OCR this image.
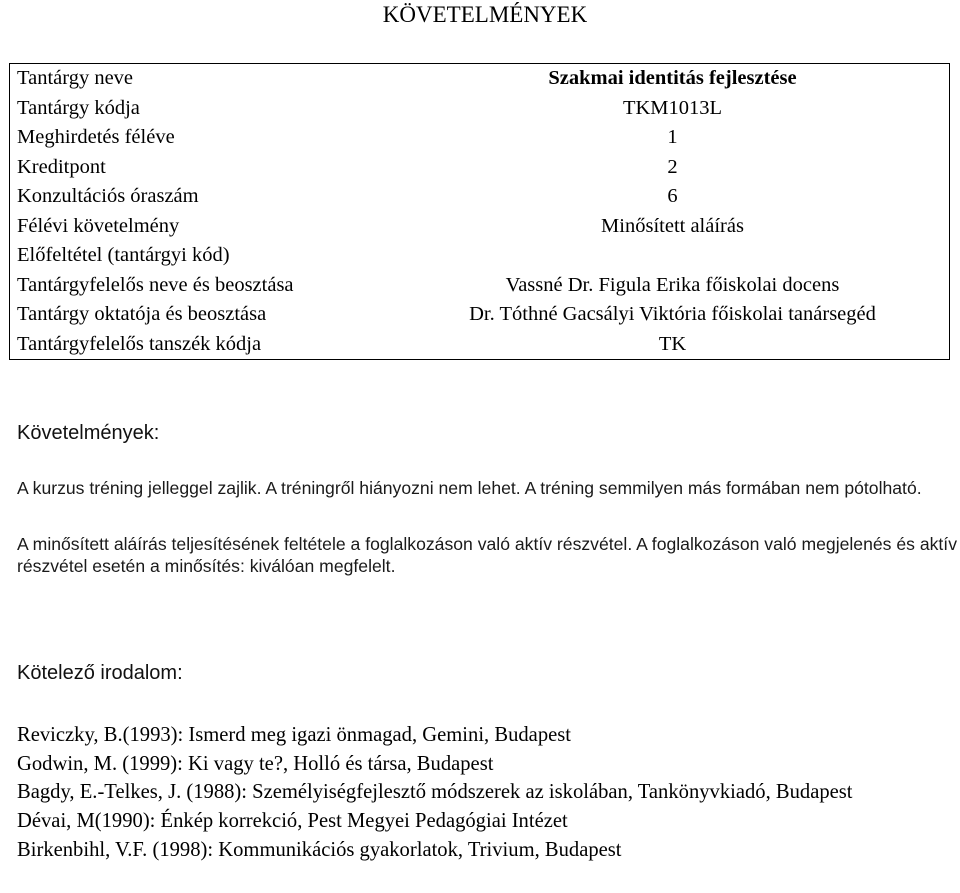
KÖVETELMÉNYEK
Tantárgy neve	Szakmai identitás fejlesztése
Tantárgy kódja	TKM1013L
Meghirdetés féléve	1
Kreditpont	2
Konzultációs óraszám	6
Félévi követelmény	Minősített aláírás
Előfeltétel (tantárgyi kód)	
Tantárgyfelelős neve és beosztása	Vassné Dr. Figula Erika főiskolai docens
Tantárgy oktatója és beosztása	Dr. Tóthné Gacsályi Viktória főiskolai tanársegéd
Tantárgyfelelős tanszék kódja	TK
Követelmények:

A kurzus tréning jelleggel zajlik. A tréningről hiányozni nem lehet. A tréning semmilyen más formában nem pótolható.

A minősített aláírás teljesítésének feltétele a foglalkozáson való aktív részvétel. A foglalkozáson való megjelenés és aktív részvétel esetén a minősítés: kiválóan megfelelt.

Kötelező irodalom:
Reviczky, B.(1993): Ismerd meg igazi önmagad, Gemini, Budapest
Godwin, M. (1999): Ki vagy te?, Holló és társa, Budapest
Bagdy, E.-Telkes, J. (1988): Személyiségfejlesztő módszerek az iskolában, Tankönyvkiadó, Budapest
Dévai, M(1990): Énkép korrekció, Pest Megyei Pedagógiai Intézet
Birkenbihl, V.F. (1998): Kommunikációs gyakorlatok, Trivium, Budapest
